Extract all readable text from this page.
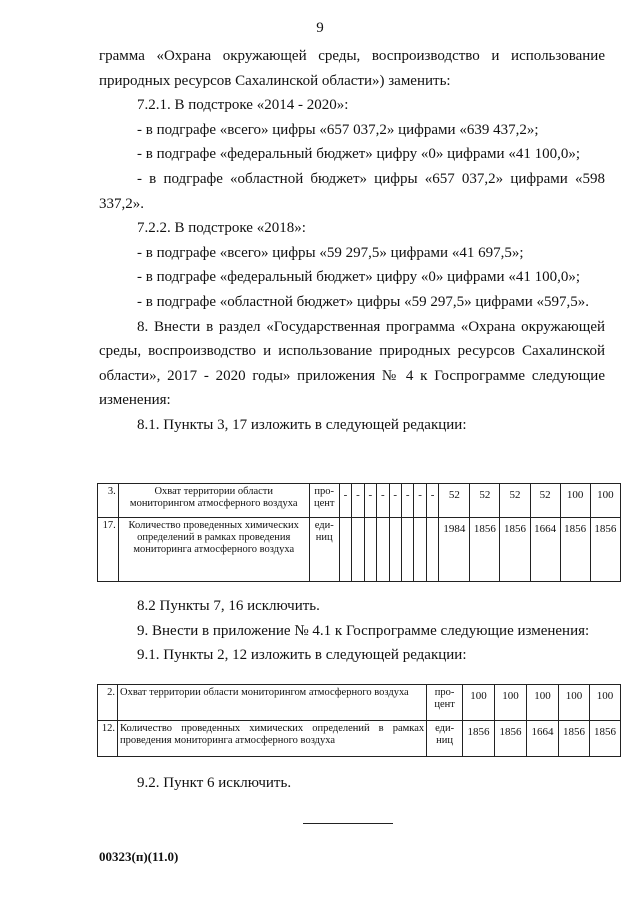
9

грамма «Охрана окружающей среды, воспроизводство и использование природных ресурсов Сахалинской области») заменить:

7.2.1. В подстроке «2014 - 2020»:

- в подграфе «всего» цифры «657 037,2» цифрами «639 437,2»;

- в подграфе «федеральный бюджет» цифру «0» цифрами «41 100,0»;

- в подграфе «областной бюджет» цифры «657 037,2» цифрами «598 337,2».

7.2.2. В подстроке «2018»:

- в подграфе «всего» цифры «59 297,5» цифрами «41 697,5»;

- в подграфе «федеральный бюджет» цифру «0» цифрами «41 100,0»;

- в подграфе «областной бюджет» цифры «59 297,5» цифрами «597,5».

8. Внести в раздел «Государственная программа «Охрана окружающей среды, воспроизводство и использование природных ресурсов Сахалинской области», 2017 - 2020 годы» приложения № 4 к Госпрограмме следующие изменения:

8.1. Пункты 3, 17 изложить в следующей редакции:

3.	Охват территории области мониторингом атмосферного воздуха	процент	-	-	-	-	-	-	-	-	52	52	52	52	100	100
17.	Количество проведенных химических определений в рамках проведения мониторинга атмосферного воздуха	единиц									1984	1856	1856	1664	1856	1856

8.2 Пункты 7, 16 исключить.

9. Внести в приложение № 4.1 к Госпрограмме следующие изменения:

9.1. Пункты 2, 12 изложить в следующей редакции:

2.	Охват территории области мониторингом атмосферного воздуха	процент	100	100	100	100	100
12.	Количество проведенных химических определений в рамках проведения мониторинга атмосферного воздуха	единиц	1856	1856	1664	1856	1856

9.2. Пункт 6 исключить.

00323(п)(11.0)
